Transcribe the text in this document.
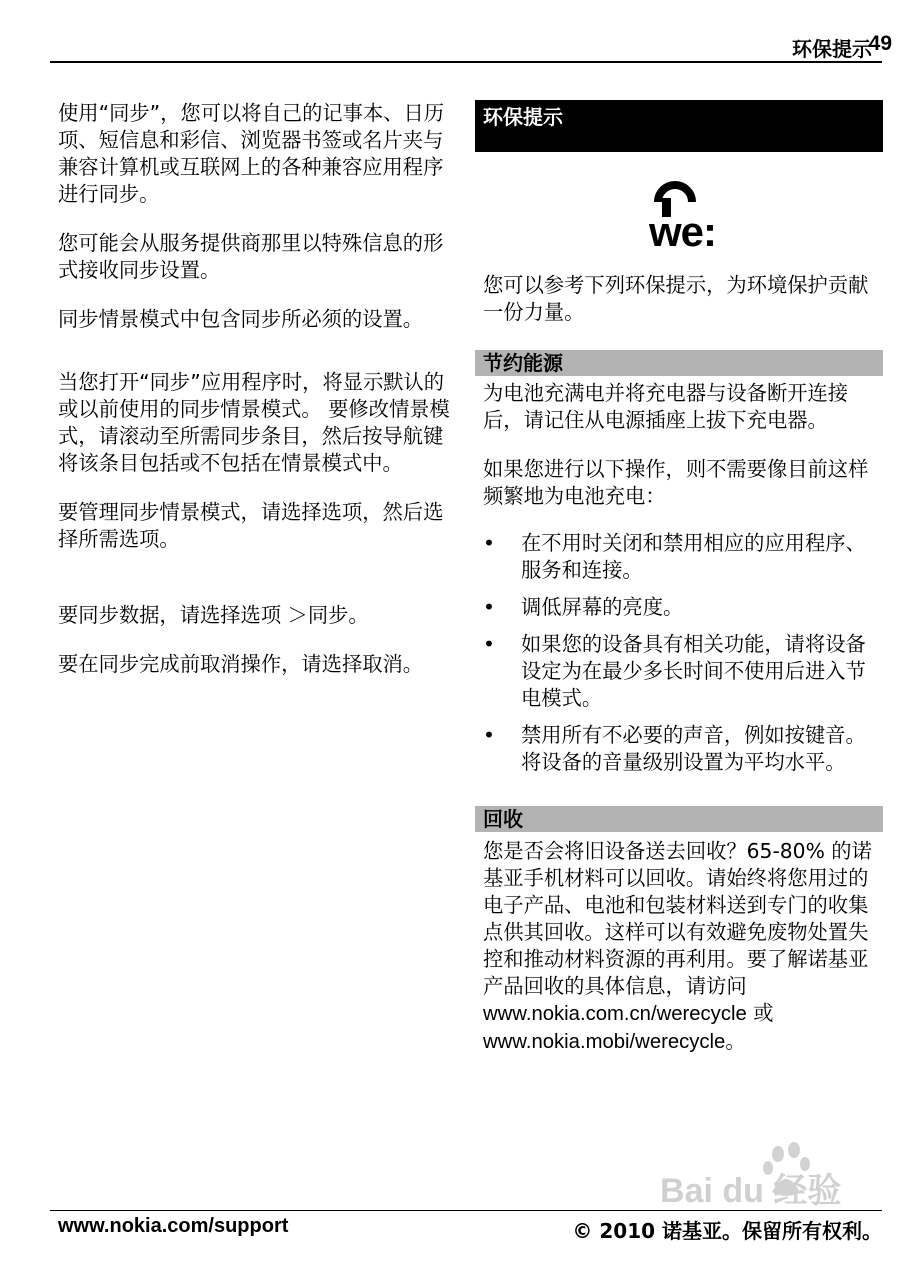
环保提示
49

使用“同步”，您可以将自己的记事本、日历项、短信息和彩信、浏览器书签或名片夹与兼容计算机或互联网上的各种兼容应用程序进行同步。

您可能会从服务提供商那里以特殊信息的形式接收同步设置。

同步情景模式中包含同步所必须的设置。

当您打开“同步”应用程序时，将显示默认的或以前使用的同步情景模式。 要修改情景模式，请滚动至所需同步条目，然后按导航键将该条目包括或不包括在情景模式中。

要管理同步情景模式，请选择选项，然后选择所需选项。

要同步数据，请选择选项 ＞同步。

要在同步完成前取消操作，请选择取消。

环保提示
we:

您可以参考下列环保提示，为环境保护贡献一份力量。

节约能源

为电池充满电并将充电器与设备断开连接后，请记住从电源插座上拔下充电器。

如果您进行以下操作，则不需要像目前这样频繁地为电池充电：

• 在不用时关闭和禁用相应的应用程序、服务和连接。
• 调低屏幕的亮度。
• 如果您的设备具有相关功能，请将设备设定为在最少多长时间不使用后进入节电模式。
• 禁用所有不必要的声音，例如按键音。将设备的音量级别设置为平均水平。
回收

您是否会将旧设备送去回收？65-80% 的诺基亚手机材料可以回收。请始终将您用过的电子产品、电池和包装材料送到专门的收集点供其回收。这样可以有效避免废物处置失控和推动材料资源的再利用。要了解诺基亚产品回收的具体信息，请访问
www.nokia.com.cn/werecycle 或
www.nokia.mobi/werecycle。

Bai du 经验
www.nokia.com/support	© 2010 诺基亚。保留所有权利。
